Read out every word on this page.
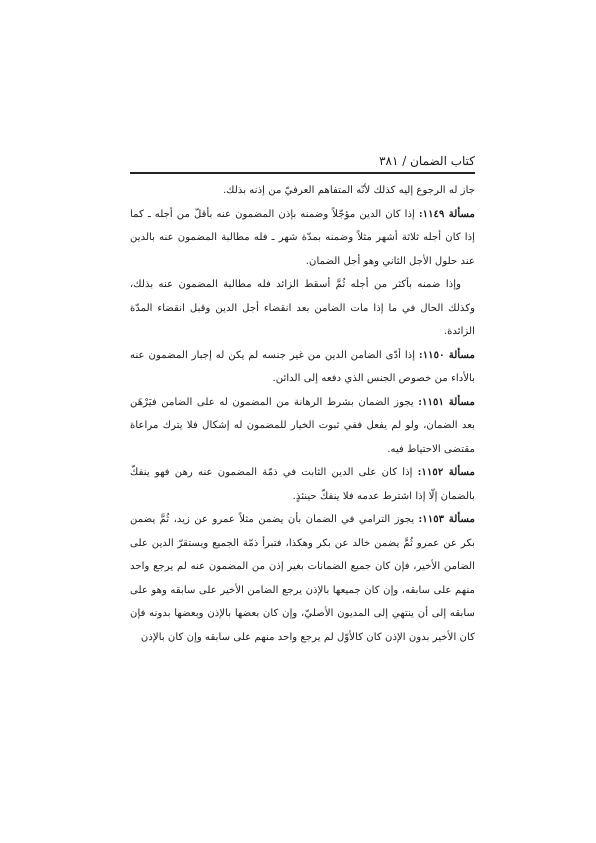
كتاب الضمان / ٣٨١

جاز له الرجوع إليه كذلك لأنّه المتفاهم العرفيّ من إذنه بذلك.

مسألة ١١٤٩: إذا كان الدين مؤجّلاً وضمنه بإذن المضمون عنه بأقلّ من أجله ـ كما إذا كان أجله ثلاثة أشهر مثلاً وضمنه بمدّة شهر ـ فله مطالبة المضمون عنه بالدين عند حلول الأجل الثاني وهو أجل الضمان.

وإذا ضمنه بأكثر من أجله ثُمَّ أسقط الزائد فله مطالبة المضمون عنه بذلك، وكذلك الحال في ما إذا مات الضامن بعد انقضاء أجل الدين وقبل انقضاء المدّة الزائدة.

مسألة ١١٥٠: إذا أدّى الضامن الدين من غير جنسه لم يكن له إجبار المضمون عنه بالأداء من خصوص الجنس الذي دفعه إلى الدائن.

مسألة ١١٥١: يجوز الضمان بشرط الرهانة من المضمون له على الضامن فيَرْهَن بعد الضمان، ولو لم يفعل ففي ثبوت الخيار للمضمون له إشكال فلا يترك مراعاة مقتضى الاحتياط فيه.

مسألة ١١٥٢: إذا كان على الدين الثابت في ذمّة المضمون عنه رهن فهو ينفكّ بالضمان إلّا إذا اشترط عدمه فلا ينفكّ حينئذٍ.

مسألة ١١٥٣: يجوز الترامي في الضمان بأن يضمن مثلاً عمرو عن زيد، ثُمَّ يضمن بكر عن عمرو ثُمَّ يضمن خالد عن بكر وهكذا، فتبرأ ذمّة الجميع ويستقرّ الدين على الضامن الأخير، فإن كان جميع الضمانات بغير إذن من المضمون عنه لم يرجع واحد منهم على سابقه، وإن كان جميعها بالإذن يرجع الضامن الأخير على سابقه وهو على سابقه إلى أن ينتهي إلى المديون الأصليّ، وإن كان بعضها بالإذن وبعضها بدونه فإن كان الأخير بدون الإذن كان كالأوّل لم يرجع واحد منهم على سابقه وإن كان بالإذن
